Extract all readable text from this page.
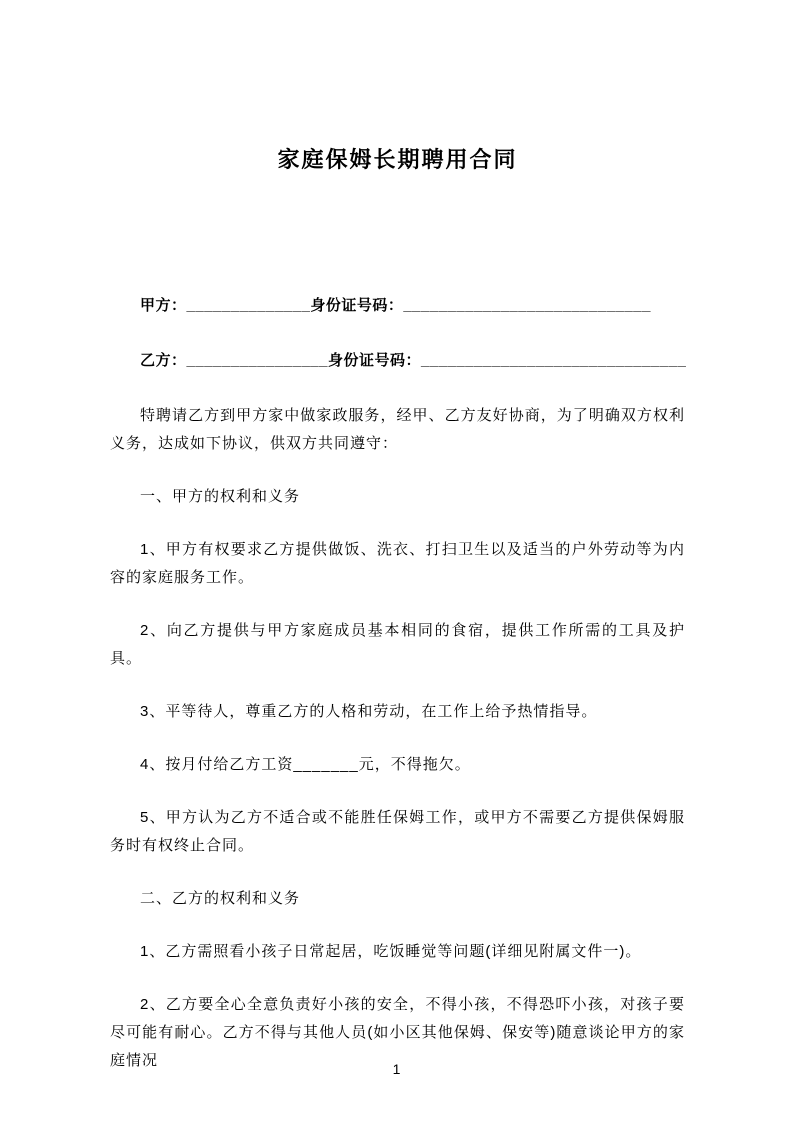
家庭保姆长期聘用合同

甲方：______________身份证号码：____________________________

乙方：________________身份证号码：______________________________

特聘请乙方到甲方家中做家政服务，经甲、乙方友好协商，为了明确双方权利义务，达成如下协议，供双方共同遵守：

一、甲方的权利和义务

1、甲方有权要求乙方提供做饭、洗衣、打扫卫生以及适当的户外劳动等为内容的家庭服务工作。

2、向乙方提供与甲方家庭成员基本相同的食宿，提供工作所需的工具及护具。

3、平等待人，尊重乙方的人格和劳动，在工作上给予热情指导。

4、按月付给乙方工资_______元，不得拖欠。

5、甲方认为乙方不适合或不能胜任保姆工作，或甲方不需要乙方提供保姆服务时有权终止合同。

二、乙方的权利和义务

1、乙方需照看小孩子日常起居，吃饭睡觉等问题(详细见附属文件一)。

2、乙方要全心全意负责好小孩的安全，不得小孩，不得恐吓小孩，对孩子要尽可能有耐心。乙方不得与其他人员(如小区其他保姆、保安等)随意谈论甲方的家庭情况	1
